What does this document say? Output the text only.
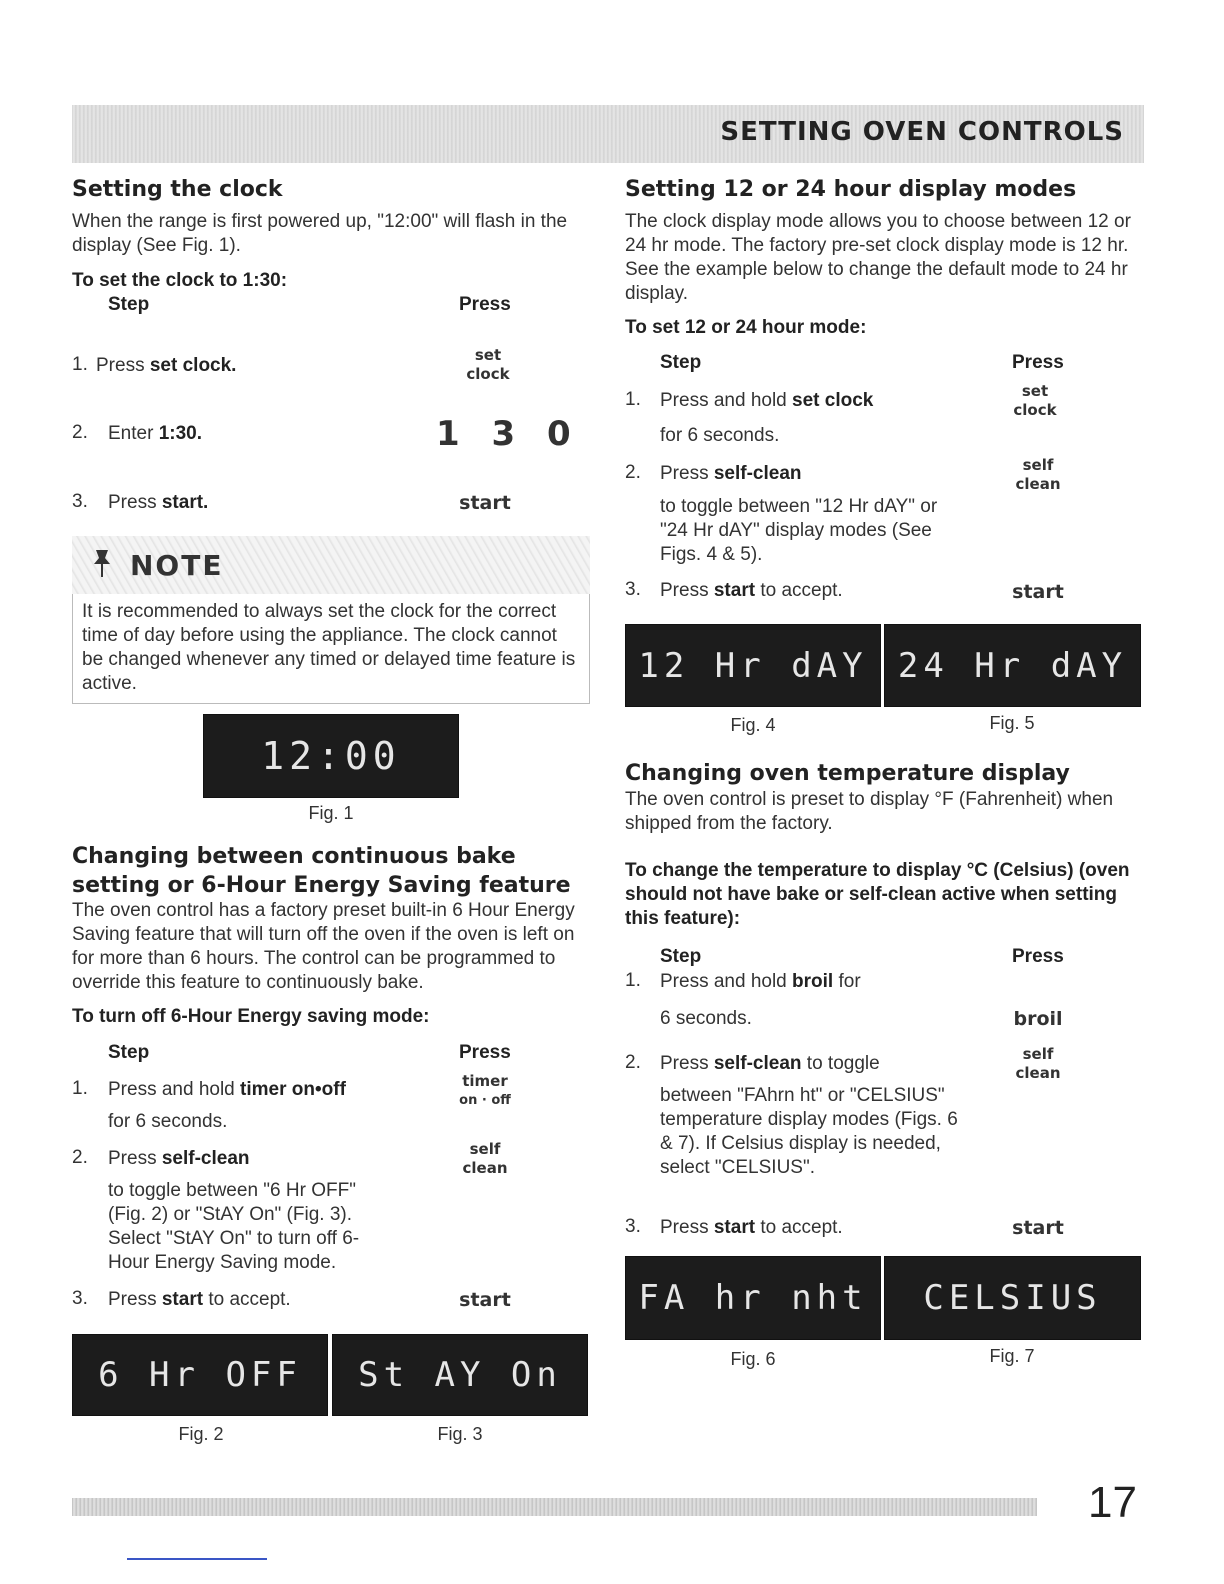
SETTING OVEN CONTROLS
Setting the clock
When the range is first powered up, "12:00" will flash in the display (See Fig. 1).
To set the clock to 1:30:
Step	Press
1. Press set clock.	set
clock
2. Enter 1:30.	1 3 0
3. Press start.	start
NOTE
It is recommended to always set the clock for the correct time of day before using the appliance. The clock cannot be changed whenever any timed or delayed time feature is active.
12:00
Fig. 1
Changing between continuous bake
setting or 6-Hour Energy Saving feature
The oven control has a factory preset built-in 6 Hour Energy Saving feature that will turn off the oven if the oven is left on for more than 6 hours. The control can be programmed to override this feature to continuously bake.
To turn off 6-Hour Energy saving mode:
Step	Press
1. Press and hold timer on•off
for 6 seconds.
timer
on · off
2. Press self-clean
to toggle between "6 Hr OFF" (Fig. 2) or "StAY On" (Fig. 3). Select "StAY On" to turn off 6-Hour Energy Saving mode.
self
clean
3. Press start to accept.	start
6 Hr OFF	St AY On
Fig. 2	Fig. 3
Setting 12 or 24 hour display modes
The clock display mode allows you to choose between 12 or 24 hr mode. The factory pre-set clock display mode is 12 hr. See the example below to change the default mode to 24 hr display.
To set 12 or 24 hour mode:
Step	Press
1. Press and hold set clock
for 6 seconds.
set
clock
2. Press self-clean
to toggle between "12 Hr dAY" or "24 Hr dAY" display modes (See Figs. 4 & 5).
self
clean
3. Press start to accept.	start
12 Hr dAY 24 Hr dAY
Fig. 4	Fig. 5
Changing oven temperature display
The oven control is preset to display °F (Fahrenheit) when shipped from the factory.
To change the temperature to display °C (Celsius) (oven should not have bake or self-clean active when setting this feature):
Step	Press
1. Press and hold broil for
6 seconds.	broil
2. Press self-clean to toggle
between "FAhrn ht" or "CELSIUS" temperature display modes (Figs. 6 & 7). If Celsius display is needed, select "CELSIUS".
self
clean
3. Press start to accept.	start
FA hr nht	CELSIUS
Fig. 6	Fig. 7
17
